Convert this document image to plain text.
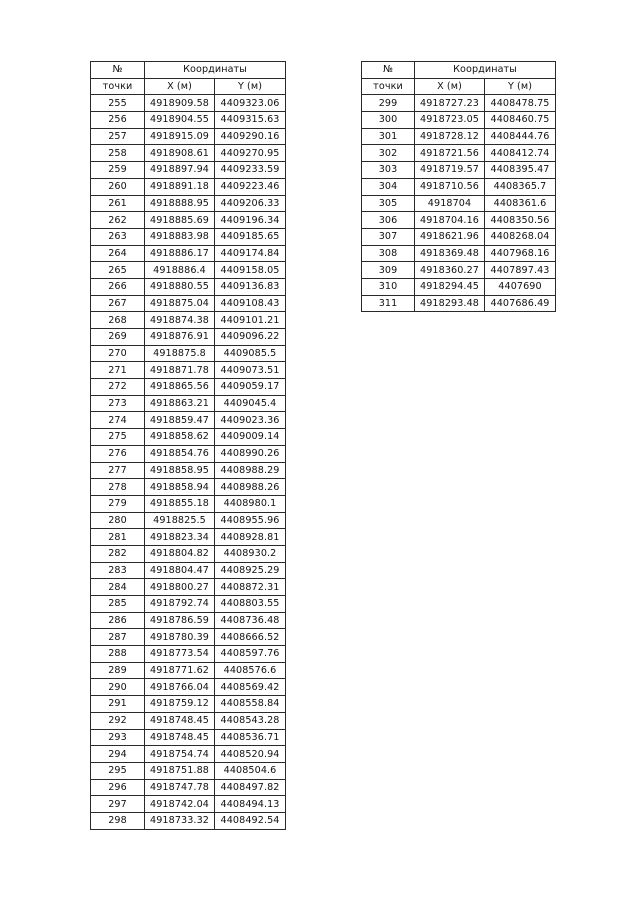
№	Координаты	
точки	X (м)	Y (м)
255	4918909.58	4409323.06
256	4918904.55	4409315.63
257	4918915.09	4409290.16
258	4918908.61	4409270.95
259	4918897.94	4409233.59
260	4918891.18	4409223.46
261	4918888.95	4409206.33
262	4918885.69	4409196.34
263	4918883.98	4409185.65
264	4918886.17	4409174.84
265	4918886.4	4409158.05
266	4918880.55	4409136.83
267	4918875.04	4409108.43
268	4918874.38	4409101.21
269	4918876.91	4409096.22
270	4918875.8	4409085.5
271	4918871.78	4409073.51
272	4918865.56	4409059.17
273	4918863.21	4409045.4
274	4918859.47	4409023.36
275	4918858.62	4409009.14
276	4918854.76	4408990.26
277	4918858.95	4408988.29
278	4918858.94	4408988.26
279	4918855.18	4408980.1
280	4918825.5	4408955.96
281	4918823.34	4408928.81
282	4918804.82	4408930.2
283	4918804.47	4408925.29
284	4918800.27	4408872.31
285	4918792.74	4408803.55
286	4918786.59	4408736.48
287	4918780.39	4408666.52
288	4918773.54	4408597.76
289	4918771.62	4408576.6
290	4918766.04	4408569.42
291	4918759.12	4408558.84
292	4918748.45	4408543.28
293	4918748.45	4408536.71
294	4918754.74	4408520.94
295	4918751.88	4408504.6
296	4918747.78	4408497.82
297	4918742.04	4408494.13
298	4918733.32	4408492.54
№	Координаты	
точки	X (м)	Y (м)
299	4918727.23	4408478.75
300	4918723.05	4408460.75
301	4918728.12	4408444.76
302	4918721.56	4408412.74
303	4918719.57	4408395.47
304	4918710.56	4408365.7
305	4918704	4408361.6
306	4918704.16	4408350.56
307	4918621.96	4408268.04
308	4918369.48	4407968.16
309	4918360.27	4407897.43
310	4918294.45	4407690
311	4918293.48	4407686.49
